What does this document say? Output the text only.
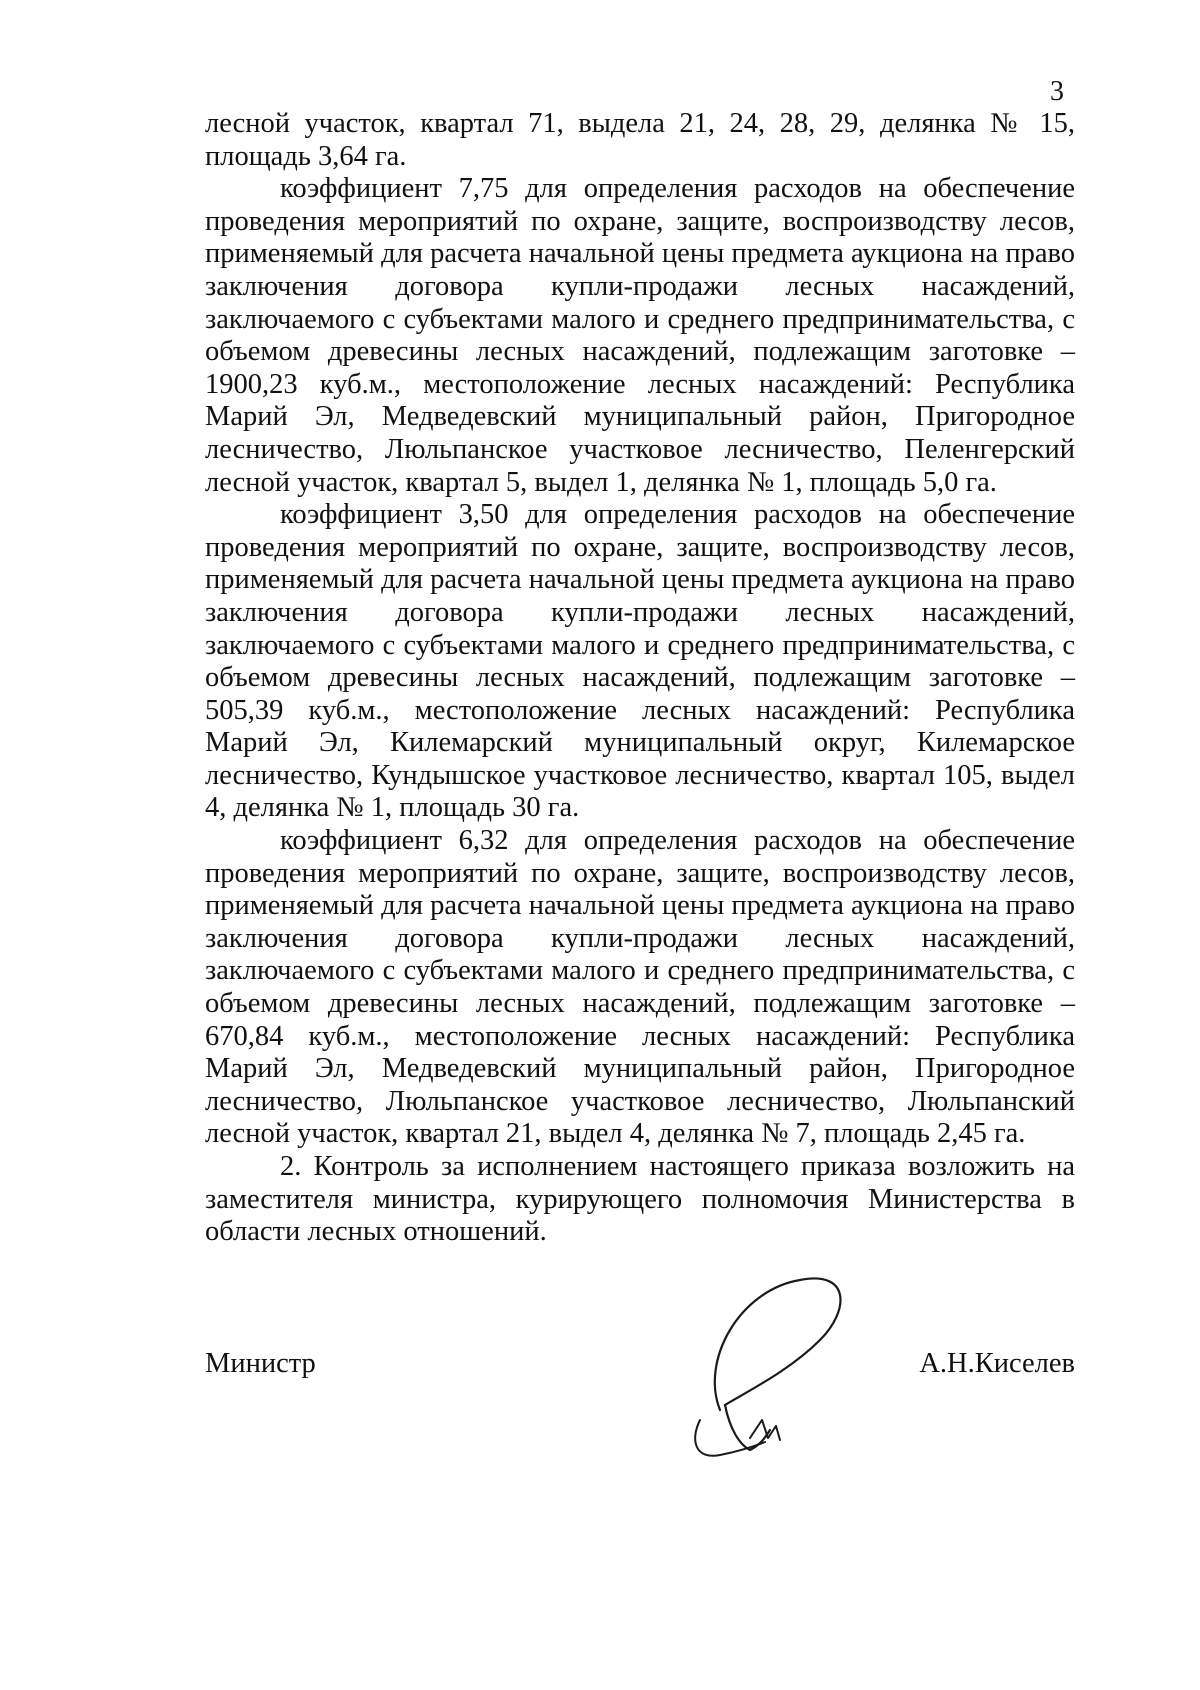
3

лесной участок, квартал 71, выдела 21, 24, 28, 29, делянка № 15, площадь 3,64 га.

коэффициент 7,75 для определения расходов на обеспечение проведения мероприятий по охране, защите, воспроизводству лесов, применяемый для расчета начальной цены предмета аукциона на право заключения договора купли-продажи лесных насаждений, заключаемого с субъектами малого и среднего предпринимательства, с объемом древесины лесных насаждений, подлежащим заготовке – 1900,23 куб.м., местоположение лесных насаждений: Республика Марий Эл, Медведевский муниципальный район, Пригородное лесничество, Люльпанское участковое лесничество, Пеленгерский лесной участок, квартал 5, выдел 1, делянка № 1, площадь 5,0 га.

коэффициент 3,50 для определения расходов на обеспечение проведения мероприятий по охране, защите, воспроизводству лесов, применяемый для расчета начальной цены предмета аукциона на право заключения договора купли-продажи лесных насаждений, заключаемого с субъектами малого и среднего предпринимательства, с объемом древесины лесных насаждений, подлежащим заготовке – 505,39 куб.м., местоположение лесных насаждений: Республика Марий Эл, Килемарский муниципальный округ, Килемарское лесничество, Кундышское участковое лесничество, квартал 105, выдел 4, делянка № 1, площадь 30 га.

коэффициент 6,32 для определения расходов на обеспечение проведения мероприятий по охране, защите, воспроизводству лесов, применяемый для расчета начальной цены предмета аукциона на право заключения договора купли-продажи лесных насаждений, заключаемого с субъектами малого и среднего предпринимательства, с объемом древесины лесных насаждений, подлежащим заготовке – 670,84 куб.м., местоположение лесных насаждений: Республика Марий Эл, Медведевский муниципальный район, Пригородное лесничество, Люльпанское участковое лесничество, Люльпанский лесной участок, квартал 21, выдел 4, делянка № 7, площадь 2,45 га.

2. Контроль за исполнением настоящего приказа возложить на заместителя министра, курирующего полномочия Министерства в области лесных отношений.

Министр	А.Н.Киселев
